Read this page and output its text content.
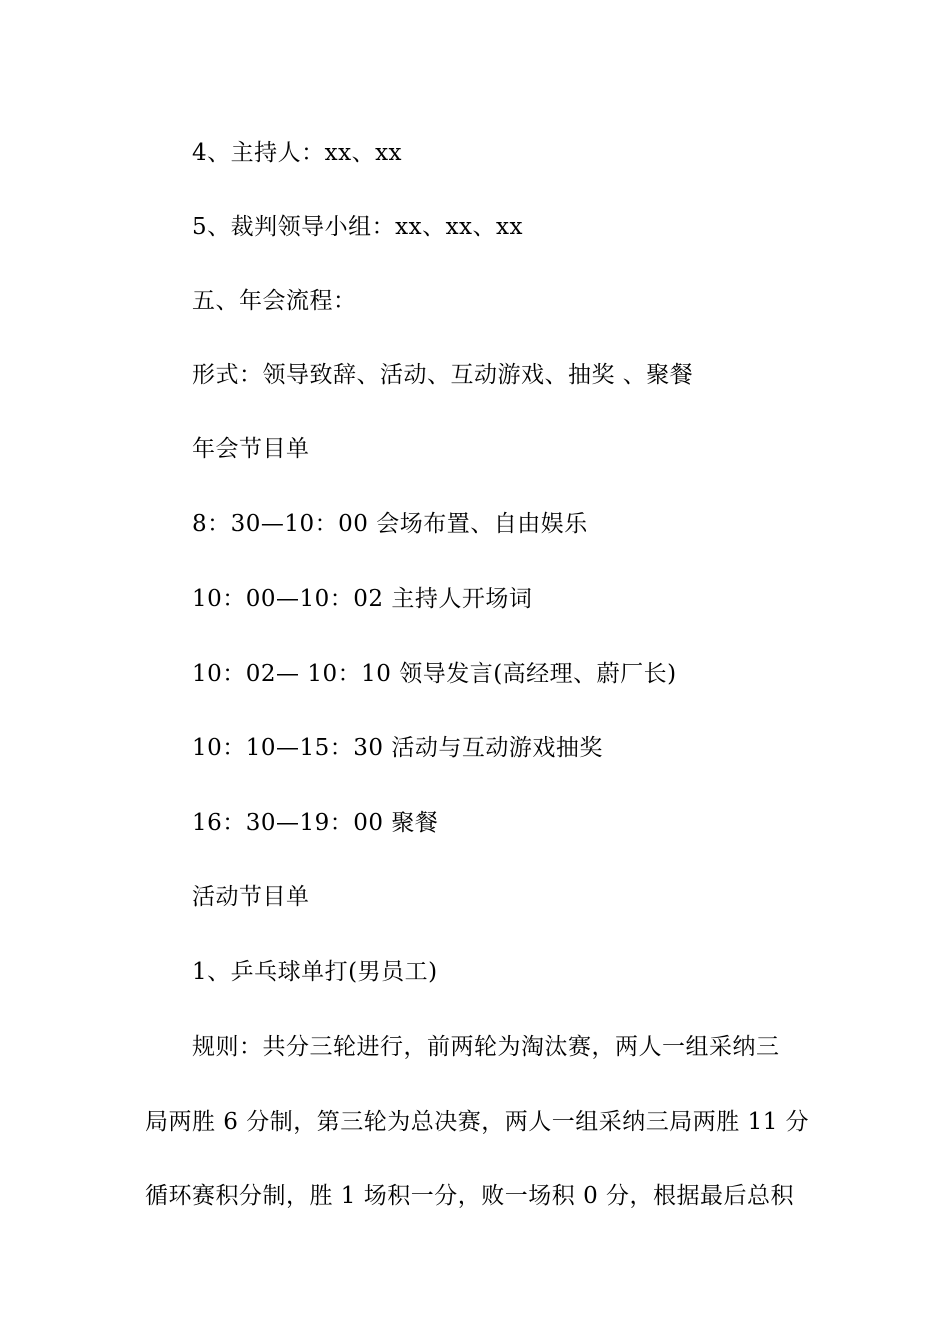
4、主持人：xx、xx
5、裁判领导小组：xx、xx、xx
五、年会流程：
形式：领导致辞、活动、互动游戏、抽奖 、聚餐
年会节目单
8：30—10：00 会场布置、自由娱乐
10：00—10：02 主持人开场词
10：02— 10：10 领导发言(高经理、蔚厂长)
10：10—15：30 活动与互动游戏抽奖
16：30—19：00 聚餐
活动节目单
1、乒乓球单打(男员工)
规则：共分三轮进行，前两轮为淘汰赛，两人一组采纳三
局两胜 6 分制，第三轮为总决赛，两人一组采纳三局两胜 11 分
循环赛积分制，胜 1 场积一分，败一场积 0 分，根据最后总积
